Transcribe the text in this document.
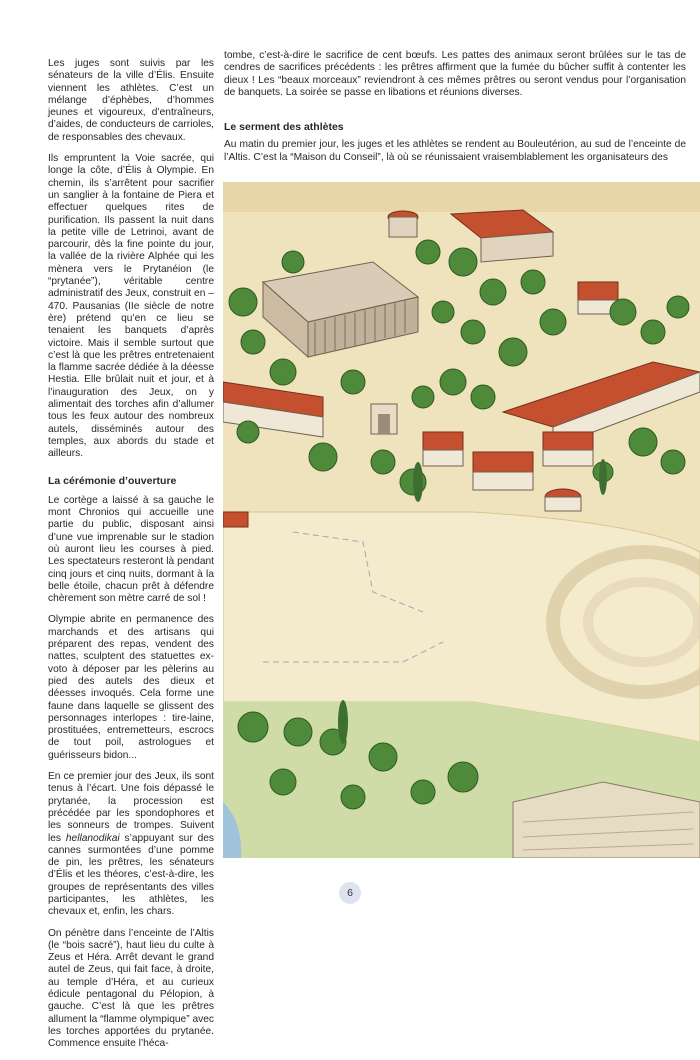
Les juges sont suivis par les sénateurs de la ville d’Élis. Ensuite viennent les athlètes. C’est un mélange d’éphèbes, d’hommes jeunes et vigoureux, d’entraîneurs, d’aides, de conducteurs de carrioles, de responsables des chevaux.

Ils empruntent la Voie sacrée, qui longe la côte, d’Élis à Olympie. En chemin, ils s’arrêtent pour sacrifier un sanglier à la fontaine de Piera et effectuer quelques rites de purification. Ils passent la nuit dans la petite ville de Letrinoi, avant de parcourir, dès la fine pointe du jour, la vallée de la rivière Alphée qui les mènera vers le Prytanéion (le “prytanée”), véritable centre administratif des Jeux, construit en – 470. Pausanias (IIe siècle de notre ère) prétend qu’en ce lieu se tenaient les banquets d’après victoire. Mais il semble surtout que c’est là que les prêtres entretenaient la flamme sacrée dédiée à la déesse Hestia. Elle brûlait nuit et jour, et à l’inauguration des Jeux, on y alimentait des torches afin d’allumer tous les feux autour des nombreux autels, disséminés autour des temples, aux abords du stade et ailleurs.

La cérémonie d’ouverture

Le cortège a laissé à sa gauche le mont Chronios qui accueille une partie du public, disposant ainsi d’une vue imprenable sur le stadion où auront lieu les courses à pied. Les spectateurs resteront là pendant cinq jours et cinq nuits, dormant à la belle étoile, chacun prêt à défendre chèrement son mètre carré de sol !

Olympie abrite en permanence des marchands et des artisans qui préparent des repas, vendent des nattes, sculptent des statuettes ex-voto à déposer par les pèlerins au pied des autels des dieux et déesses invoqués. Cela forme une faune dans laquelle se glissent des personnages interlopes : tire-laine, prostituées, entremetteurs, escrocs de tout poil, astrologues et guérisseurs bidon...

En ce premier jour des Jeux, ils sont tenus à l’écart. Une fois dépassé le prytanée, la procession est précédée par les spondophores et les sonneurs de trompes. Suivent les hellanodikai s’appuyant sur des cannes surmontées d’une pomme de pin, les prêtres, les sénateurs d’Élis et les théores, c’est-à-dire, les groupes de représentants des villes participantes, les athlètes, les chevaux et, enfin, les chars.

On pénètre dans l’enceinte de l’Altis (le “bois sacré”), haut lieu du culte à Zeus et Héra. Arrêt devant le grand autel de Zeus, qui fait face, à droite, au temple d’Héra, et au curieux édicule pentagonal du Pélopion, à gauche. C’est là que les prêtres allument la “flamme olympique” avec les torches apportées du prytanée. Commence ensuite l’héca-

tombe, c’est-à-dire le sacrifice de cent bœufs. Les pattes des animaux seront brûlées sur le tas de cendres de sacrifices précédents : les prêtres affirment que la fumée du bûcher suffit à contenter les dieux ! Les “beaux morceaux” reviendront à ces mêmes prêtres ou seront vendus pour l’organisation de banquets. La soirée se passe en libations et réunions diverses.

Le serment des athlètes

Au matin du premier jour, les juges et les athlètes se rendent au Bouleutérion, au sud de l’enceinte de l’Altis. C’est la “Maison du Conseil”, là où se réunissaient vraisemblablement les organisateurs des

6
